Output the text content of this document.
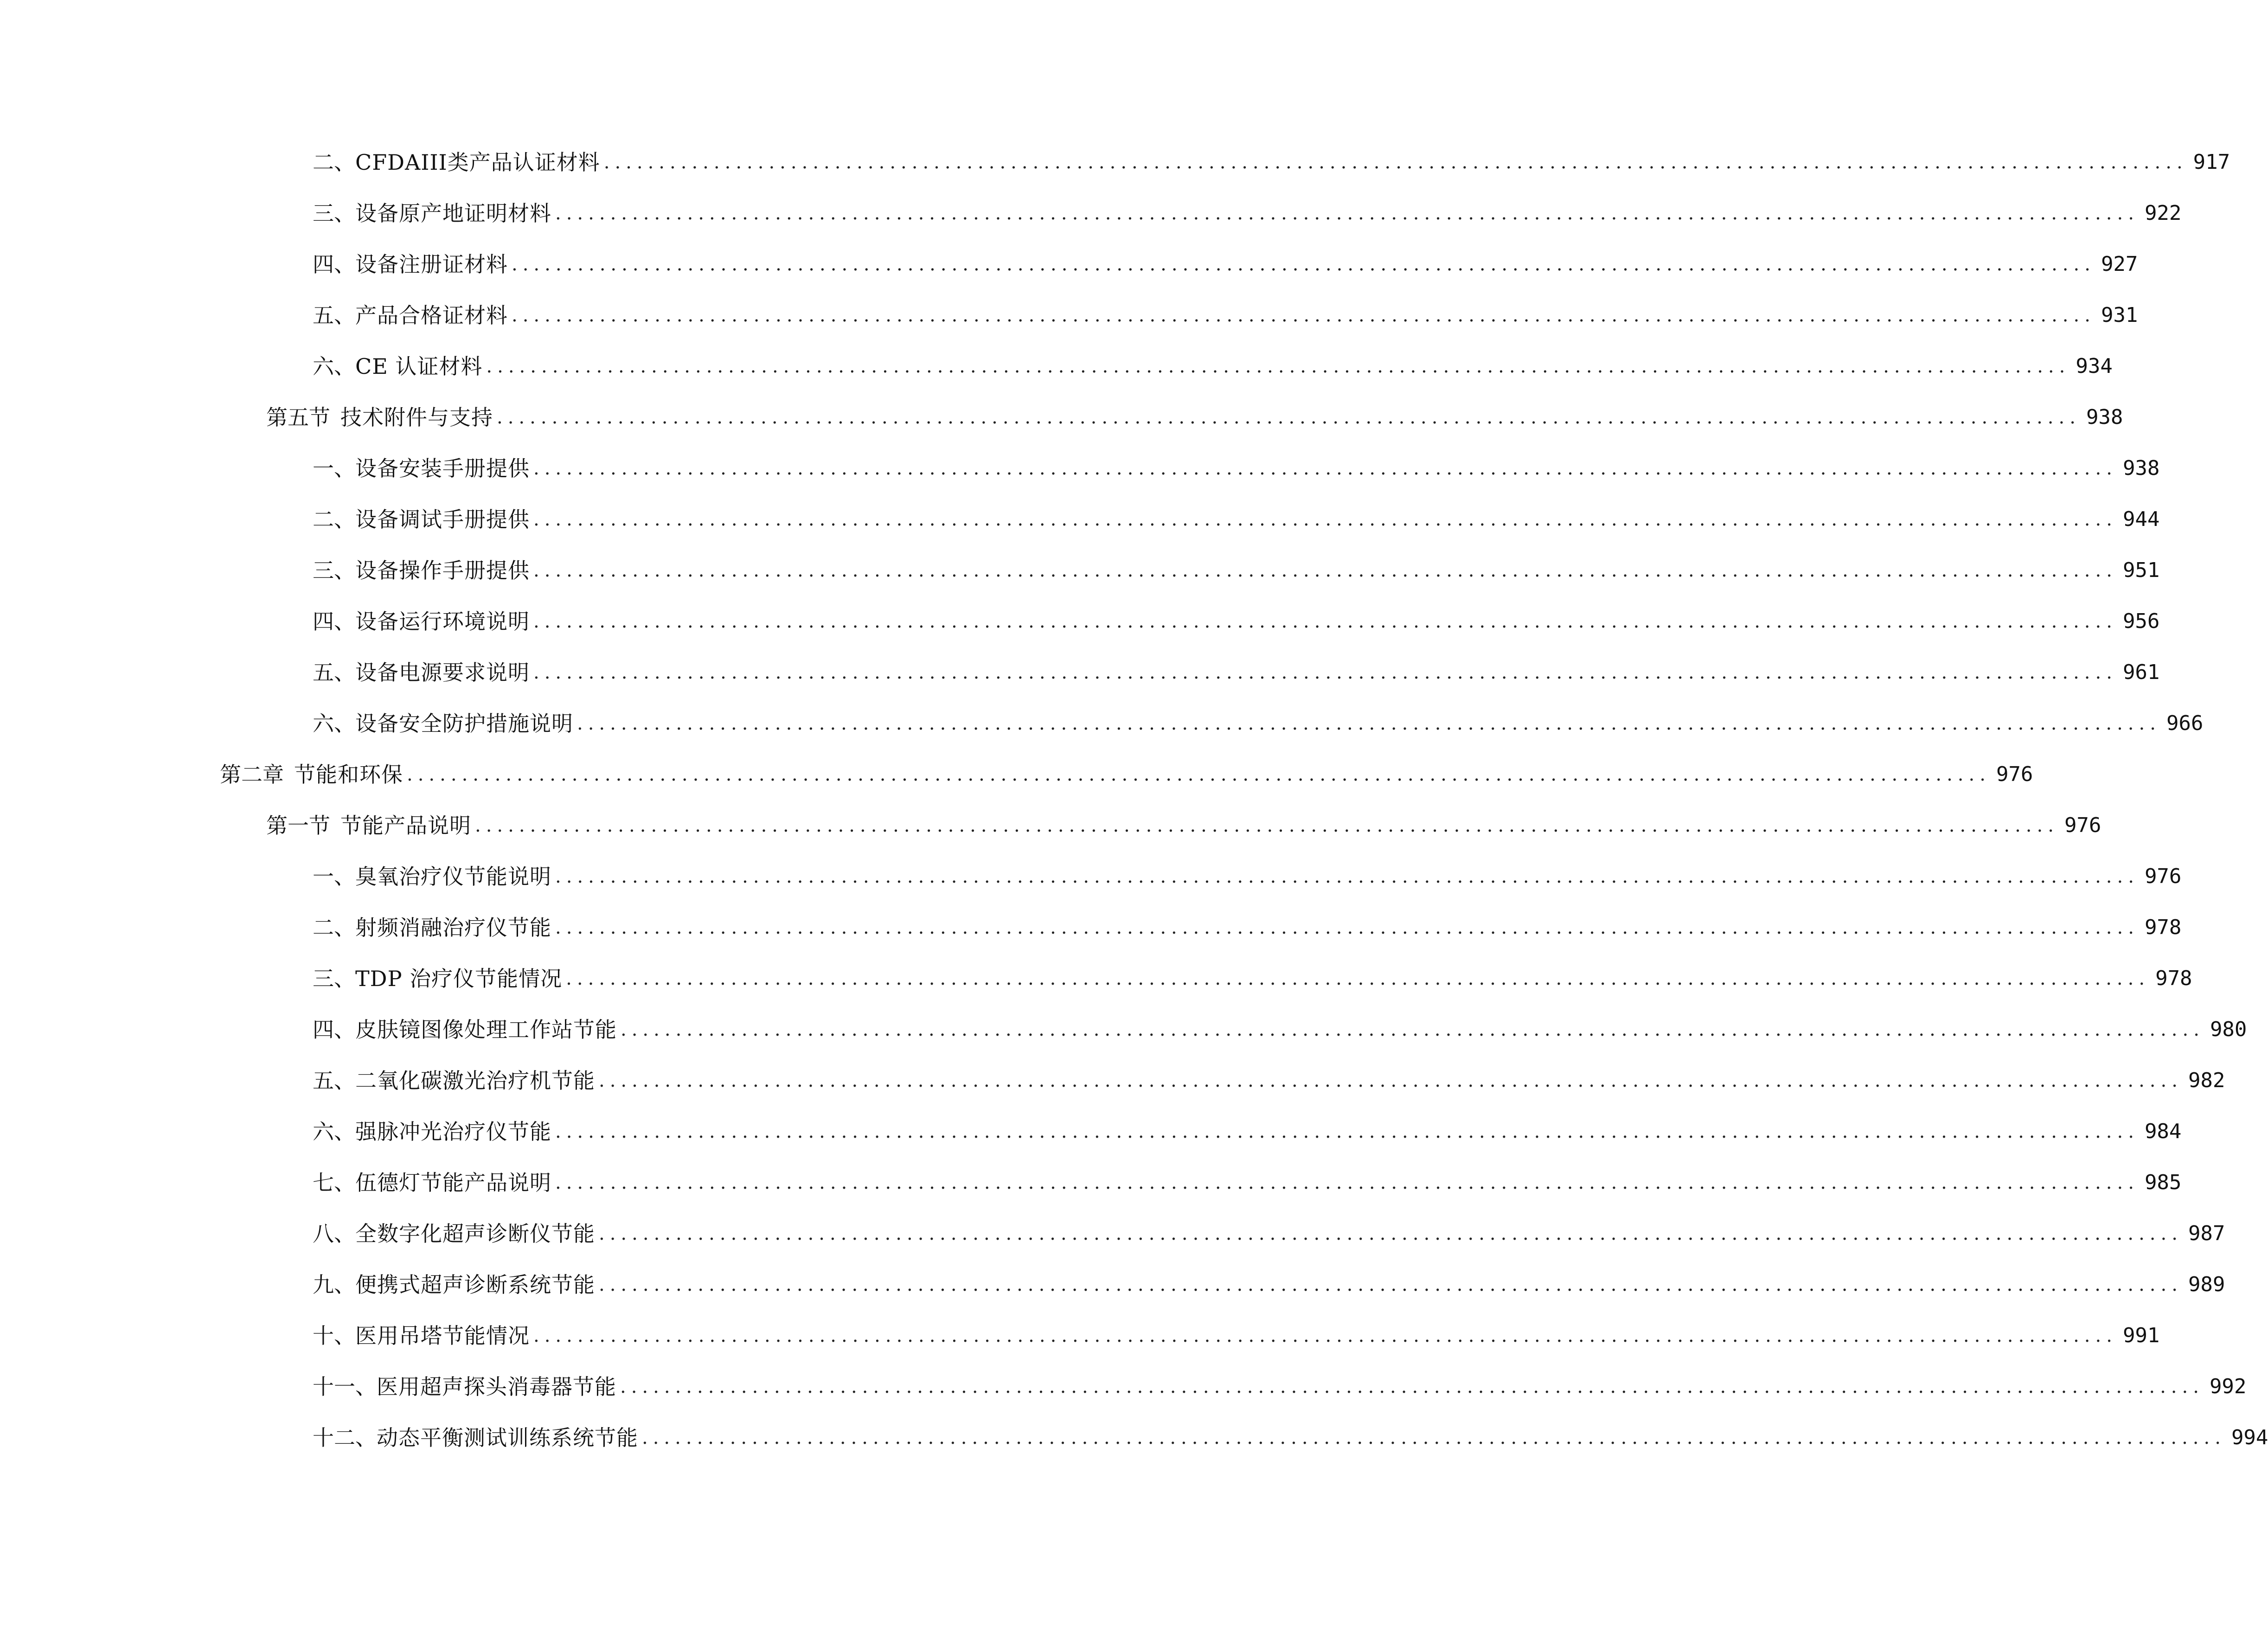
二、 CFDAIII类产品认证材料 ................................................................................................................................................ 917
三、 设备原产地证明材料 ................................................................................................................................................ 922
四、 设备注册证材料 ................................................................................................................................................ 927
五、 产品合格证材料 ................................................................................................................................................ 931
六、 CE 认证材料 ................................................................................................................................................ 934
第五节 技术附件与支持 ................................................................................................................................................ 938
一、 设备安装手册提供 ................................................................................................................................................ 938
二、 设备调试手册提供 ................................................................................................................................................ 944
三、 设备操作手册提供 ................................................................................................................................................ 951
四、 设备运行环境说明 ................................................................................................................................................ 956
五、 设备电源要求说明 ................................................................................................................................................ 961
六、 设备安全防护措施说明 ................................................................................................................................................ 966
第二章 节能和环保 ................................................................................................................................................ 976
第一节 节能产品说明 ................................................................................................................................................ 976
一、 臭氧治疗仪节能说明 ................................................................................................................................................ 976
二、 射频消融治疗仪节能 ................................................................................................................................................ 978
三、 TDP 治疗仪节能情况 ................................................................................................................................................ 978
四、 皮肤镜图像处理工作站节能 ................................................................................................................................................ 980
五、 二氧化碳激光治疗机节能 ................................................................................................................................................ 982
六、 强脉冲光治疗仪节能 ................................................................................................................................................ 984
七、 伍德灯节能产品说明 ................................................................................................................................................ 985
八、 全数字化超声诊断仪节能 ................................................................................................................................................ 987
九、 便携式超声诊断系统节能 ................................................................................................................................................ 989
十、 医用吊塔节能情况 ................................................................................................................................................ 991
十一、 医用超声探头消毒器节能 ................................................................................................................................................ 992
十二、 动态平衡测试训练系统节能 ................................................................................................................................................ 994
